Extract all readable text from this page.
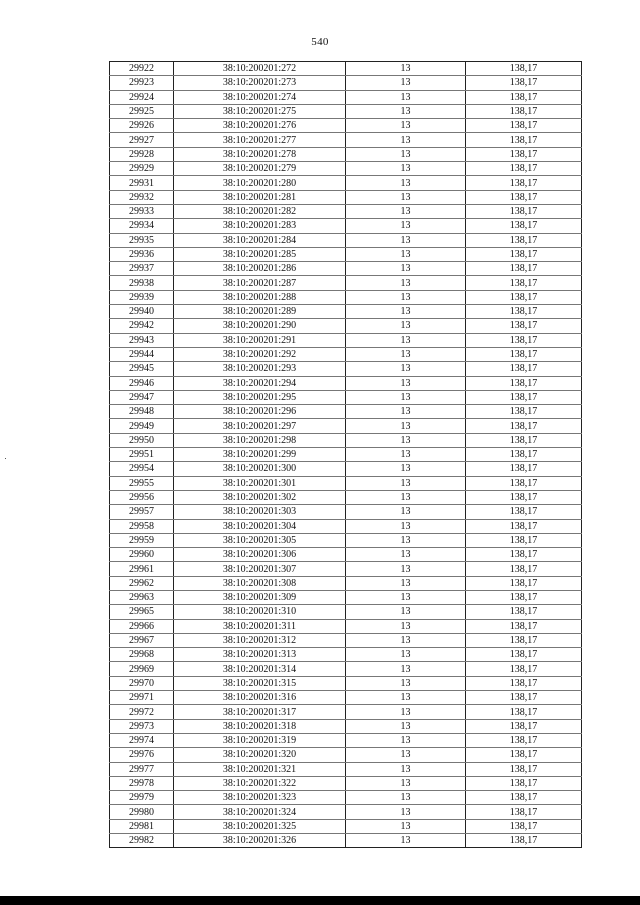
540
29922	38:10:200201:272	13	138,17
29923	38:10:200201:273	13	138,17
29924	38:10:200201:274	13	138,17
29925	38:10:200201:275	13	138,17
29926	38:10:200201:276	13	138,17
29927	38:10:200201:277	13	138,17
29928	38:10:200201:278	13	138,17
29929	38:10:200201:279	13	138,17
29931	38:10:200201:280	13	138,17
29932	38:10:200201:281	13	138,17
29933	38:10:200201:282	13	138,17
29934	38:10:200201:283	13	138,17
29935	38:10:200201:284	13	138,17
29936	38:10:200201:285	13	138,17
29937	38:10:200201:286	13	138,17
29938	38:10:200201:287	13	138,17
29939	38:10:200201:288	13	138,17
29940	38:10:200201:289	13	138,17
29942	38:10:200201:290	13	138,17
29943	38:10:200201:291	13	138,17
29944	38:10:200201:292	13	138,17
29945	38:10:200201:293	13	138,17
29946	38:10:200201:294	13	138,17
29947	38:10:200201:295	13	138,17
29948	38:10:200201:296	13	138,17
29949	38:10:200201:297	13	138,17
29950	38:10:200201:298	13	138,17
29951	38:10:200201:299	13	138,17
29954	38:10:200201:300	13	138,17
29955	38:10:200201:301	13	138,17
29956	38:10:200201:302	13	138,17
29957	38:10:200201:303	13	138,17
29958	38:10:200201:304	13	138,17
29959	38:10:200201:305	13	138,17
29960	38:10:200201:306	13	138,17
29961	38:10:200201:307	13	138,17
29962	38:10:200201:308	13	138,17
29963	38:10:200201:309	13	138,17
29965	38:10:200201:310	13	138,17
29966	38:10:200201:311	13	138,17
29967	38:10:200201:312	13	138,17
29968	38:10:200201:313	13	138,17
29969	38:10:200201:314	13	138,17
29970	38:10:200201:315	13	138,17
29971	38:10:200201:316	13	138,17
29972	38:10:200201:317	13	138,17
29973	38:10:200201:318	13	138,17
29974	38:10:200201:319	13	138,17
29976	38:10:200201:320	13	138,17
29977	38:10:200201:321	13	138,17
29978	38:10:200201:322	13	138,17
29979	38:10:200201:323	13	138,17
29980	38:10:200201:324	13	138,17
29981	38:10:200201:325	13	138,17
29982	38:10:200201:326	13	138,17
